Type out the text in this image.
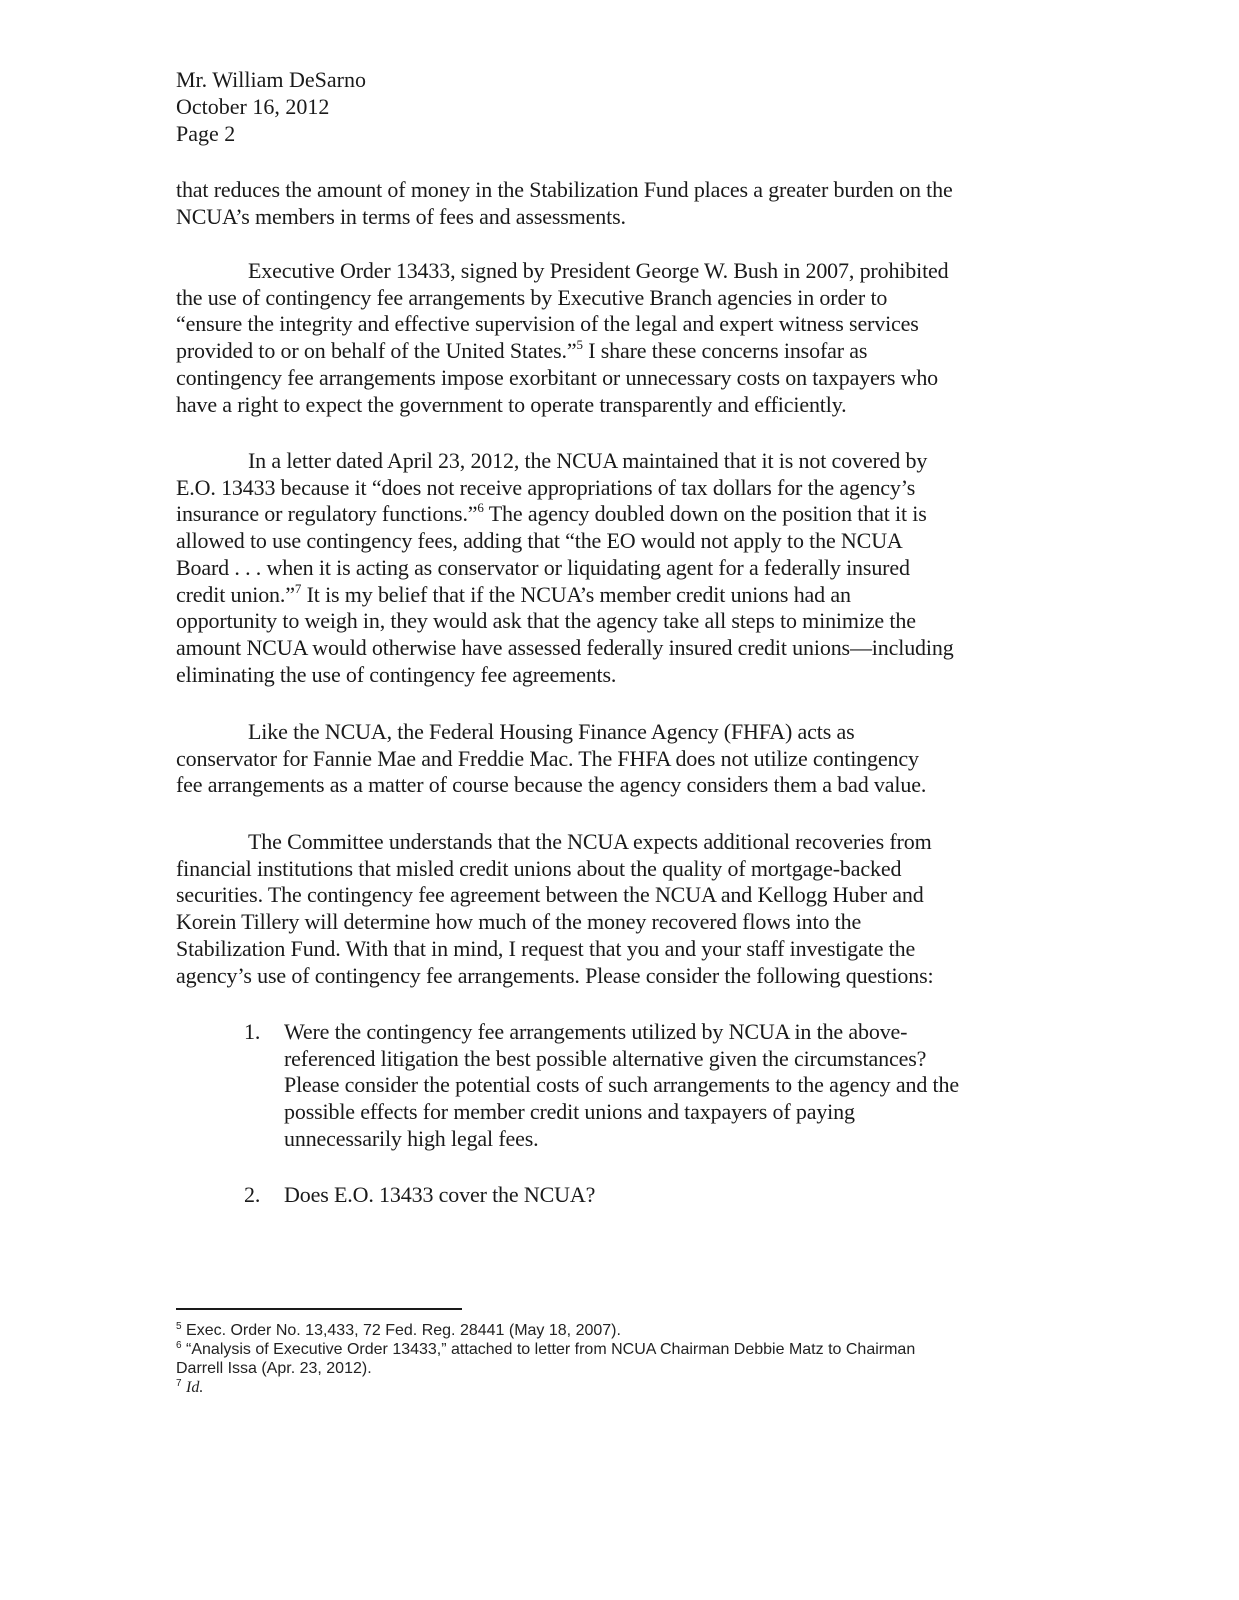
Mr. William DeSarno
October 16, 2012
Page 2
that reduces the amount of money in the Stabilization Fund places a greater burden on the
NCUA’s members in terms of fees and assessments.
Executive Order 13433, signed by President George W. Bush in 2007, prohibited
the use of contingency fee arrangements by Executive Branch agencies in order to
“ensure the integrity and effective supervision of the legal and expert witness services
provided to or on behalf of the United States.”$^5$ I share these concerns insofar as
contingency fee arrangements impose exorbitant or unnecessary costs on taxpayers who
have a right to expect the government to operate transparently and efficiently.
In a letter dated April 23, 2012, the NCUA maintained that it is not covered by
E.O. 13433 because it “does not receive appropriations of tax dollars for the agency’s
insurance or regulatory functions.”$^6$ The agency doubled down on the position that it is
allowed to use contingency fees, adding that “the EO would not apply to the NCUA
Board . . . when it is acting as conservator or liquidating agent for a federally insured
credit union.”$^7$ It is my belief that if the NCUA’s member credit unions had an
opportunity to weigh in, they would ask that the agency take all steps to minimize the
amount NCUA would otherwise have assessed federally insured credit unions—including
eliminating the use of contingency fee agreements.
Like the NCUA, the Federal Housing Finance Agency (FHFA) acts as
conservator for Fannie Mae and Freddie Mac. The FHFA does not utilize contingency
fee arrangements as a matter of course because the agency considers them a bad value.
The Committee understands that the NCUA expects additional recoveries from
financial institutions that misled credit unions about the quality of mortgage-backed
securities. The contingency fee agreement between the NCUA and Kellogg Huber and
Korein Tillery will determine how much of the money recovered flows into the
Stabilization Fund. With that in mind, I request that you and your staff investigate the
agency’s use of contingency fee arrangements. Please consider the following questions:
1. Were the contingency fee arrangements utilized by NCUA in the above-
referenced litigation the best possible alternative given the circumstances?
Please consider the potential costs of such arrangements to the agency and the
possible effects for member credit unions and taxpayers of paying
unnecessarily high legal fees.
2. Does E.O. 13433 cover the NCUA?
$^5$ Exec. Order No. 13,433, 72 Fed. Reg. 28441 (May 18, 2007).
$^6$ “Analysis of Executive Order 13433,” attached to letter from NCUA Chairman Debbie Matz to Chairman
Darrell Issa (Apr. 23, 2012).
$^7$ Id.
